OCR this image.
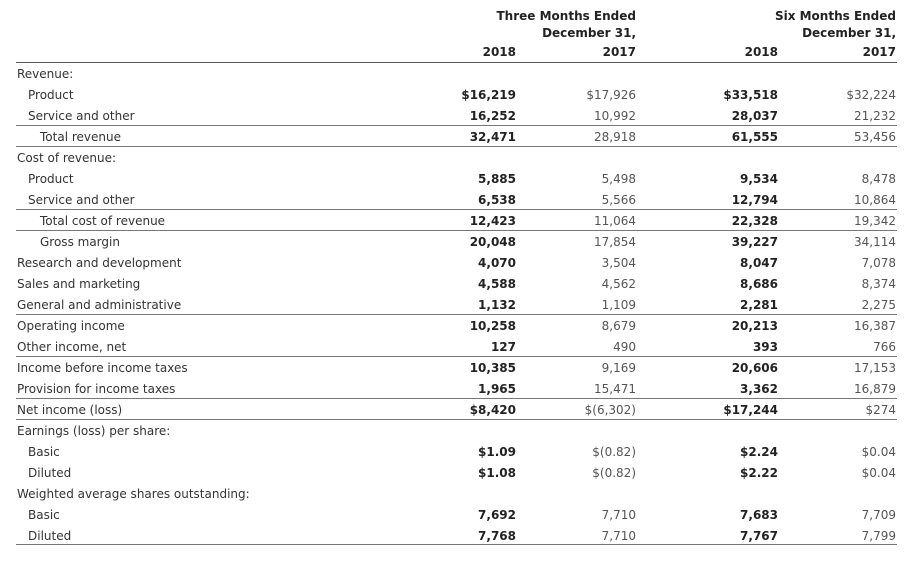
Three Months Ended
December 31,
Six Months Ended
December 31,
2018	2017	2018	2017
Revenue:
Product	$16,219	$17,926	$33,518	$32,224
Service and other	16,252	10,992	28,037	21,232
Total revenue	32,471	28,918	61,555	53,456
Cost of revenue:
Product	5,885	5,498	9,534	8,478
Service and other	6,538	5,566	12,794	10,864
Total cost of revenue	12,423	11,064	22,328	19,342
Gross margin	20,048	17,854	39,227	34,114
Research and development	4,070	3,504	8,047	7,078
Sales and marketing	4,588	4,562	8,686	8,374
General and administrative	1,132	1,109	2,281	2,275
Operating income	10,258	8,679	20,213	16,387
Other income, net	127	490	393	766
Income before income taxes	10,385	9,169	20,606	17,153
Provision for income taxes	1,965	15,471	3,362	16,879
Net income (loss)	$8,420	$(6,302)	$17,244	$274
Earnings (loss) per share:
Basic	$1.09	$(0.82)	$2.24	$0.04
Diluted	$1.08	$(0.82)	$2.22	$0.04
Weighted average shares outstanding:
Basic	7,692	7,710	7,683	7,709
Diluted	7,768	7,710	7,767	7,799
